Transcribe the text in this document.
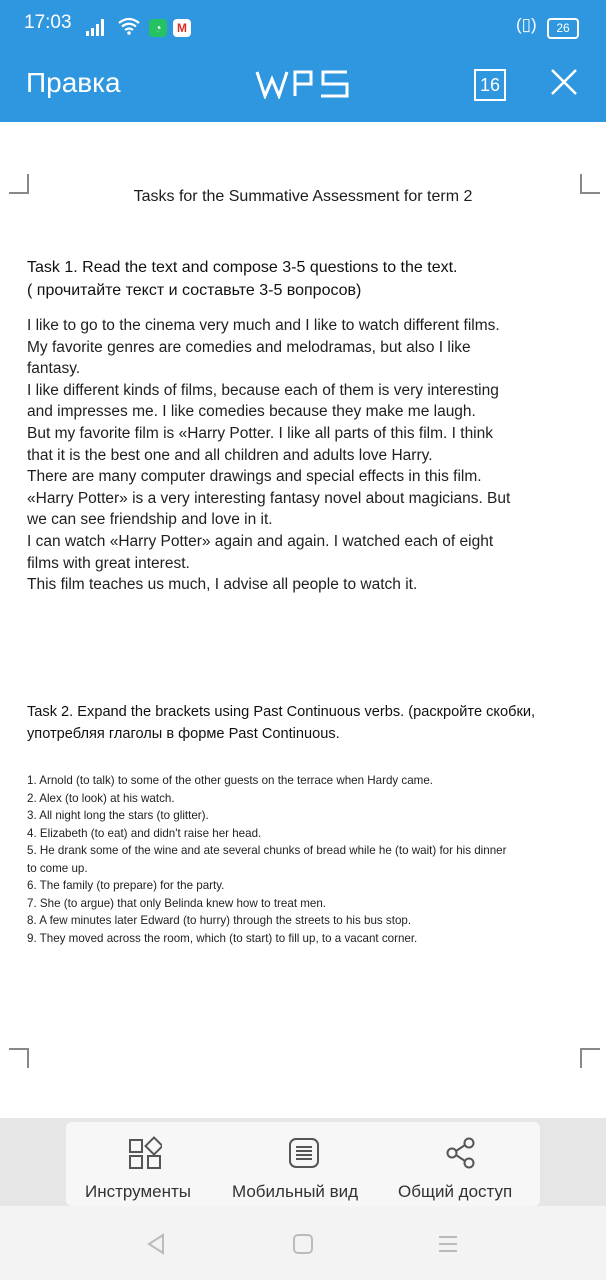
17:03	◔	M	(▯)	26
Правка	16
Tasks for the Summative Assessment for term 2
Task 1. Read the text and compose 3-5 questions to the text.
( прочитайте текст и составьте 3-5 вопросов)
I like to go to the cinema very much and I like to watch different films.
My favorite genres are comedies and melodramas, but also I like
fantasy.
I like different kinds of films, because each of them is very interesting
and impresses me. I like comedies because they make me laugh.
But my favorite film is «Harry Potter. I like all parts of this film. I think
that it is the best one and all children and adults love Harry.
There are many computer drawings and special effects in this film.
«Harry Potter» is a very interesting fantasy novel about magicians. But
we can see friendship and love in it.
I can watch «Harry Potter» again and again. I watched each of eight
films with great interest.
This film teaches us much, I advise all people to watch it.
Task 2. Expand the brackets using Past Continuous verbs. (раскройте скобки,
употребляя глаголы в форме Past Continuous.
1. Arnold (to talk) to some of the other guests on the terrace when Hardy came.
2. Alex (to look) at his watch.
3. All night long the stars (to glitter).
4. Elizabeth (to eat) and didn't raise her head.
5. He drank some of the wine and ate several chunks of bread while he (to wait) for his dinner
to come up.
6. The family (to prepare) for the party.
7. She (to argue) that only Belinda knew how to treat men.
8. A few minutes later Edward (to hurry) through the streets to his bus stop.
9. They moved across the room, which (to start) to fill up, to a vacant corner.
Инструменты Мобильный вид Общий доступ
